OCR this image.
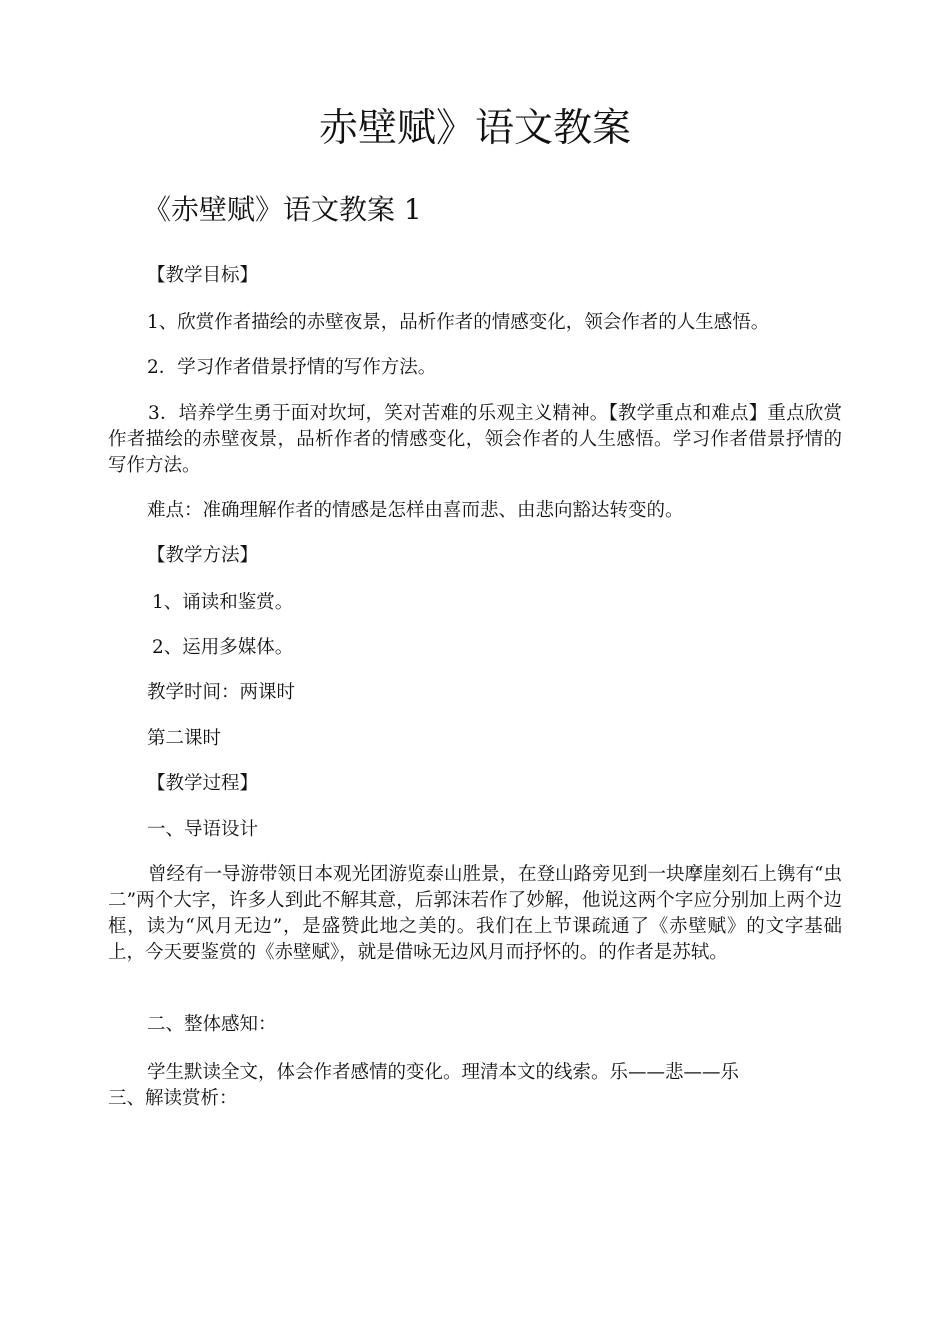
赤壁赋》语文教案
《赤壁赋》语文教案 1

【教学目标】

1、欣赏作者描绘的赤壁夜景，品析作者的情感变化，领会作者的人生感悟。

2．学习作者借景抒情的写作方法。

3．培养学生勇于面对坎坷，笑对苦难的乐观主义精神。【教学重点和难点】重点欣赏作者描绘的赤壁夜景，品析作者的情感变化，领会作者的人生感悟。学习作者借景抒情的写作方法。

难点：准确理解作者的情感是怎样由喜而悲、由悲向豁达转变的。

【教学方法】

1、诵读和鉴赏。

2、运用多媒体。

教学时间：两课时

第二课时

【教学过程】

一、导语设计

曾经有一导游带领日本观光团游览泰山胜景，在登山路旁见到一块摩崖刻石上镌有“虫二”两个大字，许多人到此不解其意，后郭沫若作了妙解，他说这两个字应分别加上两个边框，读为“风月无边”，是盛赞此地之美的。我们在上节课疏通了《赤壁赋》的文字基础上，今天要鉴赏的《赤壁赋》，就是借咏无边风月而抒怀的。的作者是苏轼。

二、整体感知：

学生默读全文，体会作者感情的变化。理清本文的线索。乐——悲——乐

三、解读赏析：
